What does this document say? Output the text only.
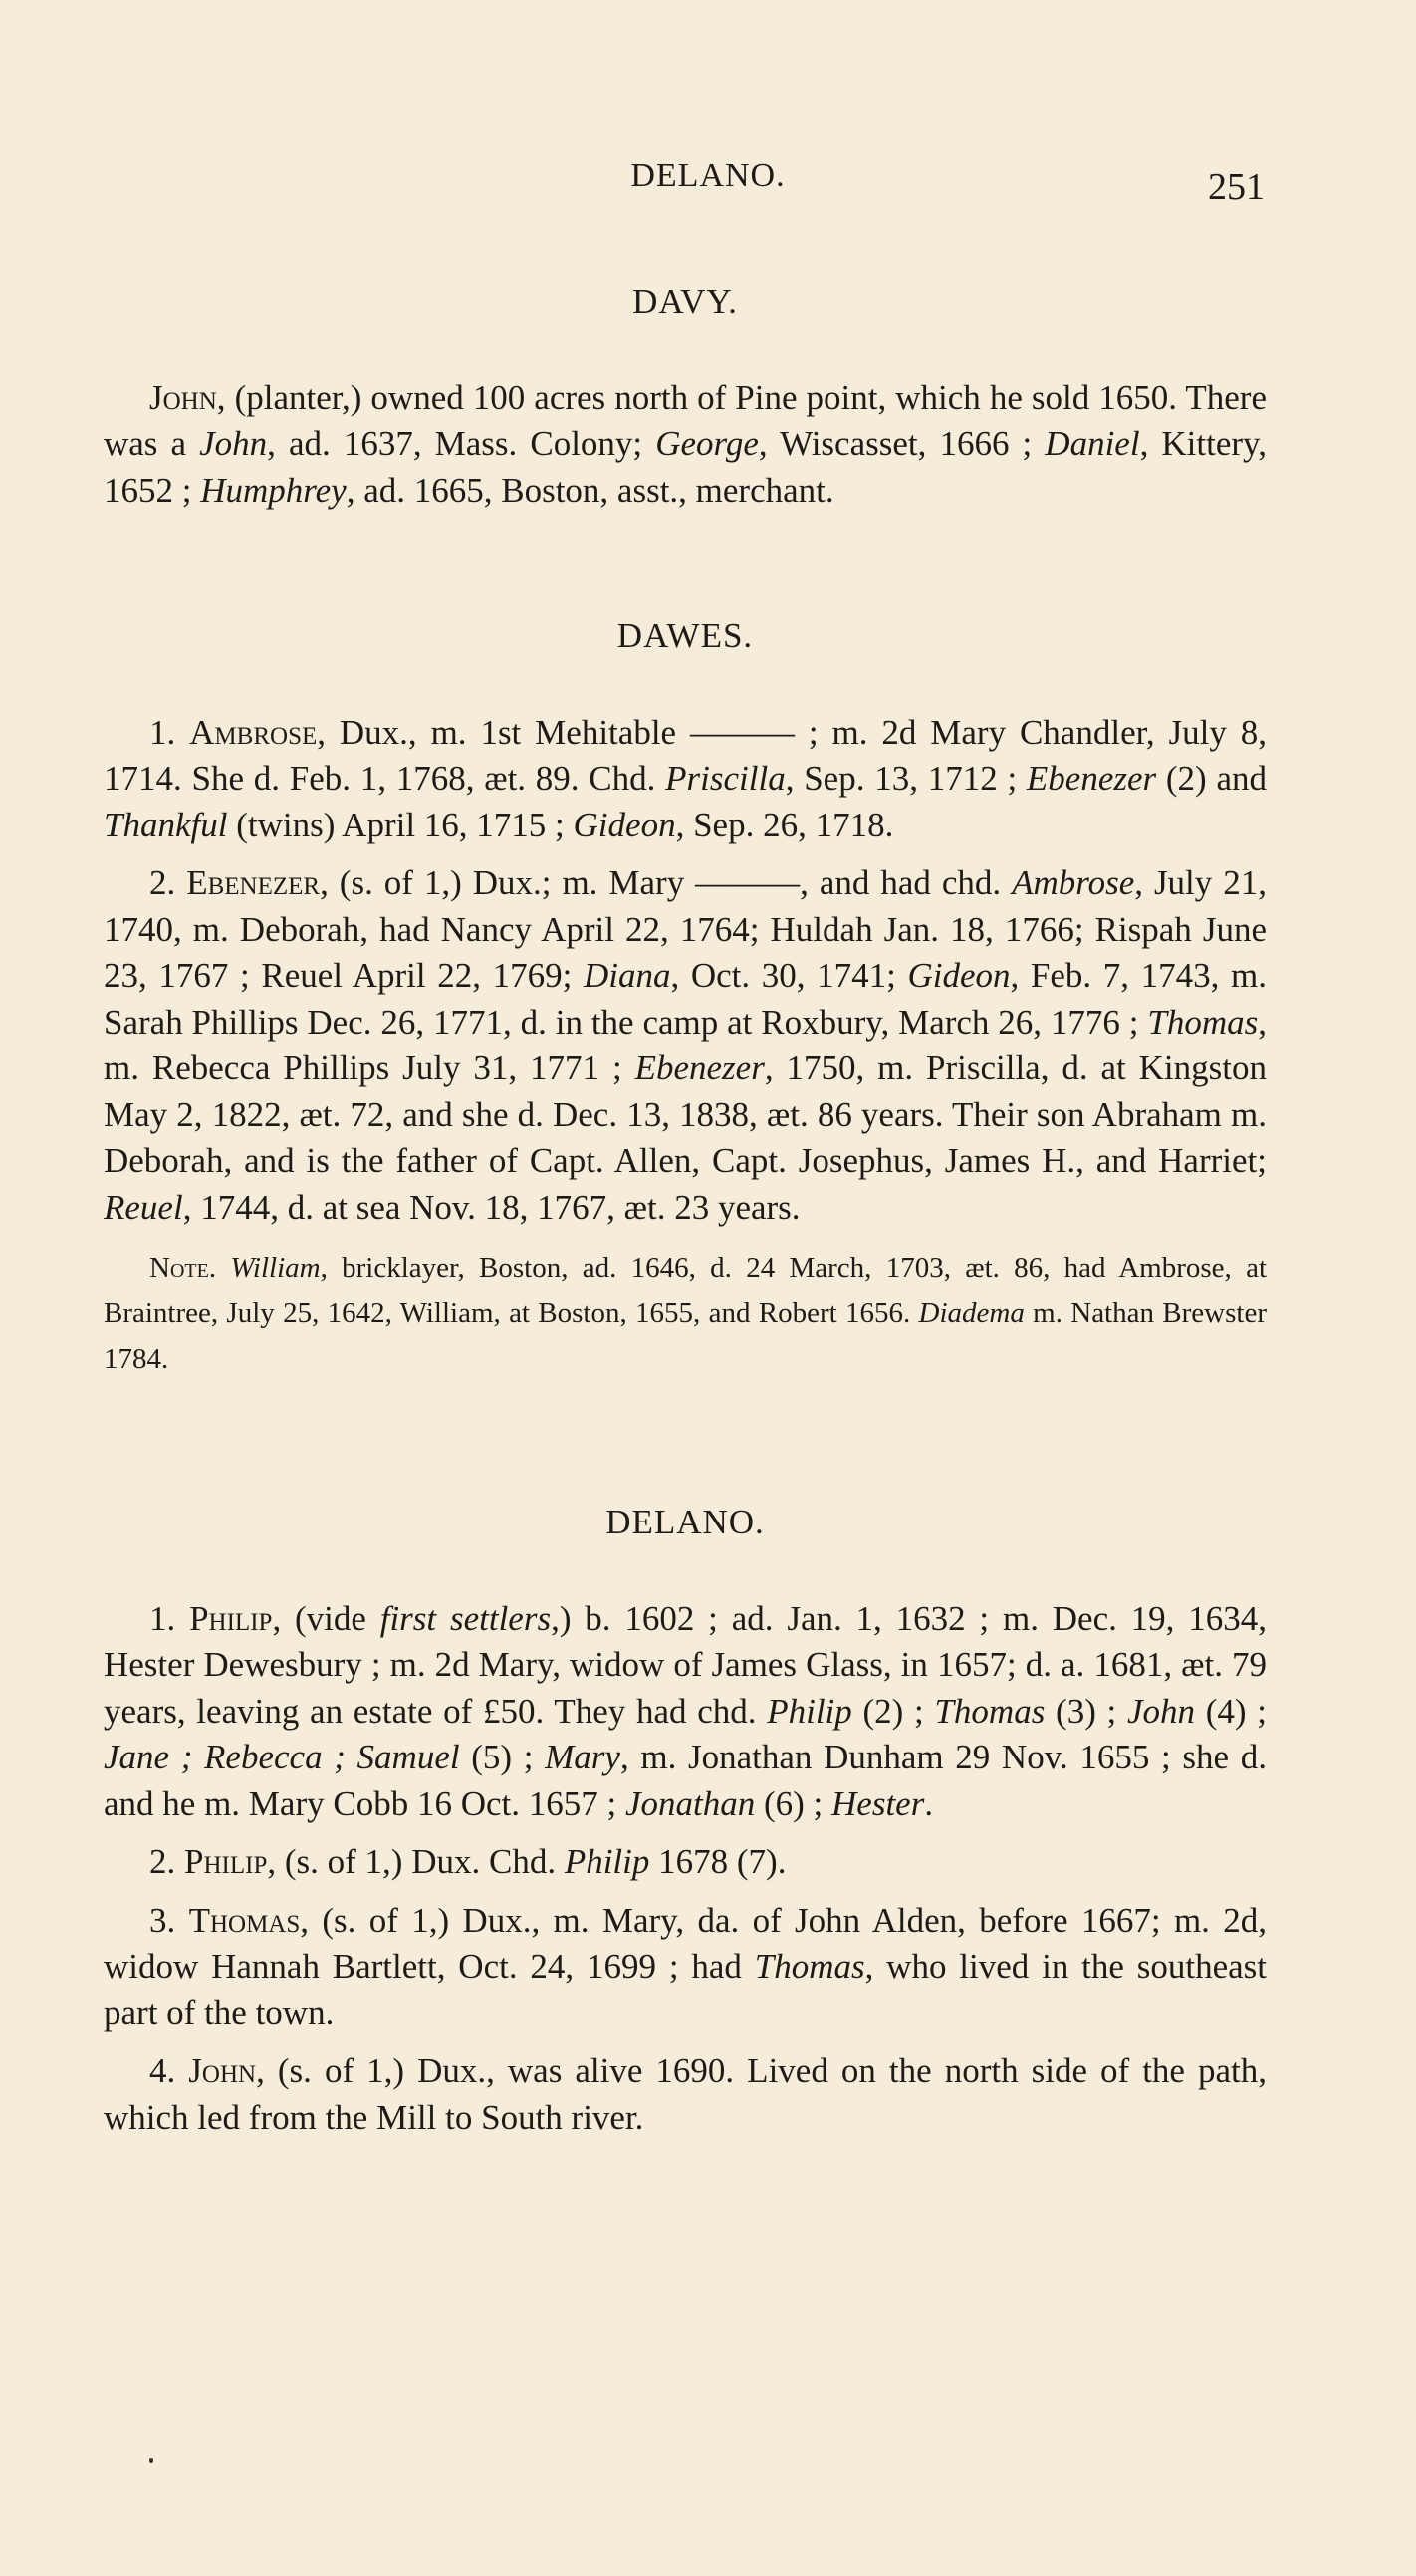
DELANO.	251
DAVY.

John, (planter,) owned 100 acres north of Pine point, which he sold 1650. There was a John, ad. 1637, Mass. Colony; George, Wiscasset, 1666 ; Daniel, Kittery, 1652 ; Humphrey, ad. 1665, Boston, asst., merchant.

DAWES.

1. Ambrose, Dux., m. 1st Mehitable ——— ; m. 2d Mary Chandler, July 8, 1714. She d. Feb. 1, 1768, æt. 89. Chd. Priscilla, Sep. 13, 1712 ; Ebenezer (2) and Thankful (twins) April 16, 1715 ; Gideon, Sep. 26, 1718.

2. Ebenezer, (s. of 1,) Dux.; m. Mary ———, and had chd. Ambrose, July 21, 1740, m. Deborah, had Nancy April 22, 1764; Huldah Jan. 18, 1766; Rispah June 23, 1767 ; Reuel April 22, 1769; Diana, Oct. 30, 1741; Gideon, Feb. 7, 1743, m. Sarah Phillips Dec. 26, 1771, d. in the camp at Roxbury, March 26, 1776 ; Thomas, m. Rebecca Phillips July 31, 1771 ; Ebenezer, 1750, m. Priscilla, d. at Kingston May 2, 1822, æt. 72, and she d. Dec. 13, 1838, æt. 86 years. Their son Abraham m. Deborah, and is the father of Capt. Allen, Capt. Josephus, James H., and Harriet; Reuel, 1744, d. at sea Nov. 18, 1767, æt. 23 years.

Note. William, bricklayer, Boston, ad. 1646, d. 24 March, 1703, æt. 86, had Ambrose, at Braintree, July 25, 1642, William, at Boston, 1655, and Robert 1656. Diadema m. Nathan Brewster 1784.

DELANO.

1. Philip, (vide first settlers,) b. 1602 ; ad. Jan. 1, 1632 ; m. Dec. 19, 1634, Hester Dewesbury ; m. 2d Mary, widow of James Glass, in 1657; d. a. 1681, æt. 79 years, leaving an estate of £50. They had chd. Philip (2) ; Thomas (3) ; John (4) ; Jane ; Rebecca ; Samuel (5) ; Mary, m. Jonathan Dunham 29 Nov. 1655 ; she d. and he m. Mary Cobb 16 Oct. 1657 ; Jonathan (6) ; Hester.

2. Philip, (s. of 1,) Dux. Chd. Philip 1678 (7).

3. Thomas, (s. of 1,) Dux., m. Mary, da. of John Alden, before 1667; m. 2d, widow Hannah Bartlett, Oct. 24, 1699 ; had Thomas, who lived in the southeast part of the town.

4. John, (s. of 1,) Dux., was alive 1690. Lived on the north side of the path, which led from the Mill to South river.
